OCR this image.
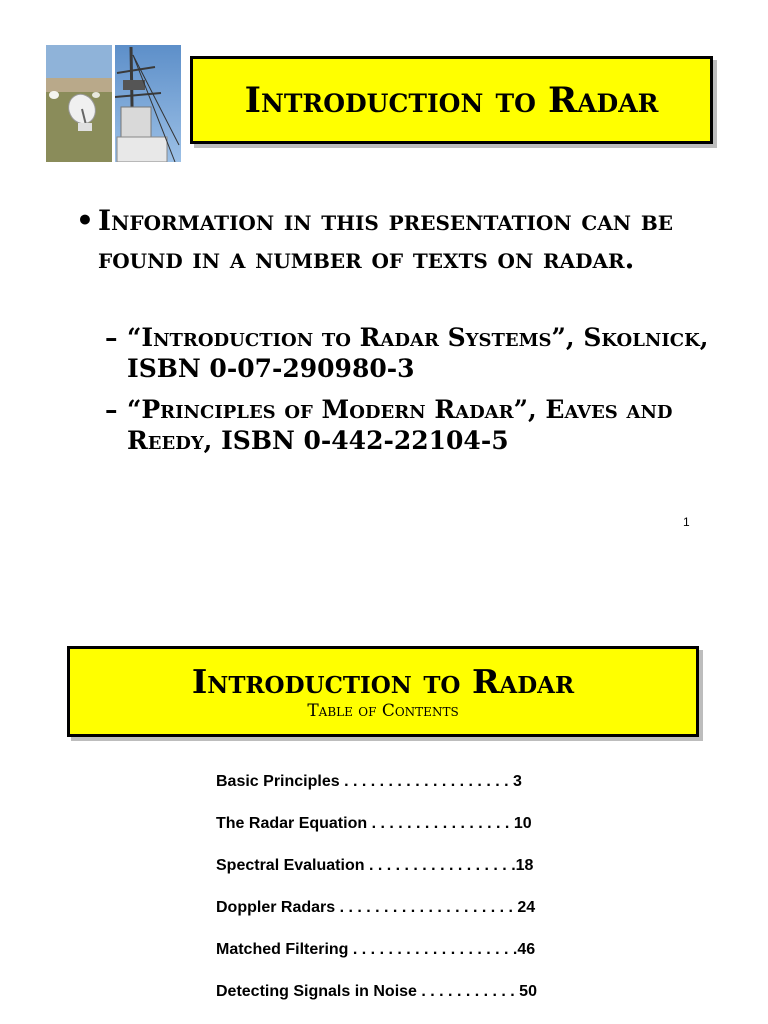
Introduction to Radar
• Information in this presentation can be found in a number of texts on radar.
– “Introduction to Radar Systems”, Skolnick, ISBN 0-07-290980-3
– “Principles of Modern Radar”, Eaves and Reedy, ISBN 0-442-22104-5
1
Introduction to Radar
Table of Contents
Basic Principles . . . . . . . . . . . . . . . . . . . 3
The Radar Equation . . . . . . . . . . . . . . . . 10
Spectral Evaluation . . . . . . . . . . . . . . . . .18
Doppler Radars . . . . . . . . . . . . . . . . . . . . 24
Matched Filtering . . . . . . . . . . . . . . . . . . .46
Detecting Signals in Noise . . . . . . . . . . . 50
